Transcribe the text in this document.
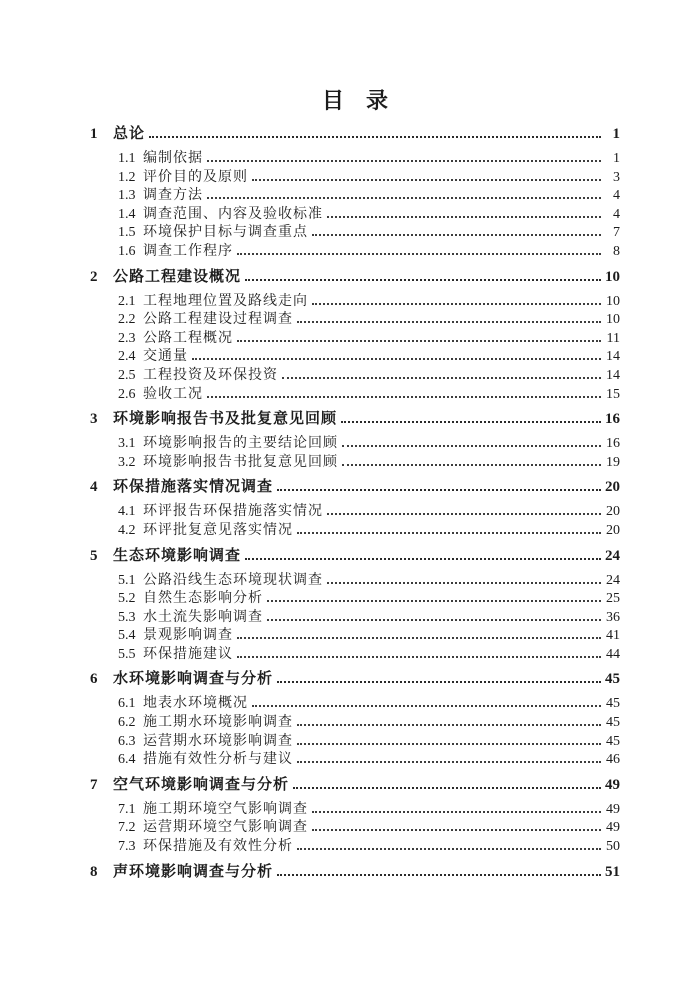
目　录
1	总论	1
1.1 编制依据	1
1.2 评价目的及原则	3
1.3 调查方法	4
1.4 调查范围、内容及验收标准	4
1.5 环境保护目标与调查重点	7
1.6 调查工作程序	8
2	公路工程建设概况	10
2.1 工程地理位置及路线走向	10
2.2 公路工程建设过程调查	10
2.3 公路工程概况	11
2.4 交通量	14
2.5 工程投资及环保投资	14
2.6 验收工况	15
3	环境影响报告书及批复意见回顾	16
3.1 环境影响报告的主要结论回顾	16
3.2 环境影响报告书批复意见回顾	19
4	环保措施落实情况调查	20
4.1 环评报告环保措施落实情况	20
4.2 环评批复意见落实情况	20
5	生态环境影响调查	24
5.1 公路沿线生态环境现状调查	24
5.2 自然生态影响分析	25
5.3 水土流失影响调查	36
5.4 景观影响调查	41
5.5 环保措施建议	44
6	水环境影响调查与分析	45
6.1 地表水环境概况	45
6.2 施工期水环境影响调查	45
6.3 运营期水环境影响调查	45
6.4 措施有效性分析与建议	46
7	空气环境影响调查与分析	49
7.1 施工期环境空气影响调查	49
7.2 运营期环境空气影响调查	49
7.3 环保措施及有效性分析	50
8	声环境影响调查与分析	51
